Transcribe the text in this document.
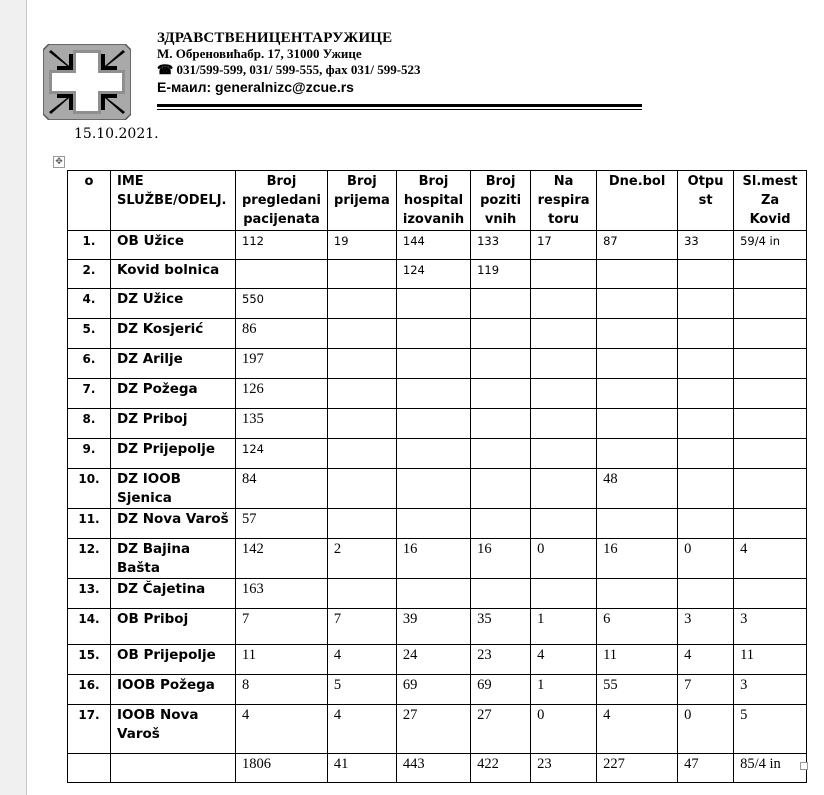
ЗДРАВСТВЕНИЦЕНТАРУЖИЦЕ
М. Обреновићабр. 17, 31000 Ужице
☎ 031/599-599, 031/ 599-555, фах 031/ 599-523
Е-маил: generalnizc@zcue.rs
15.10.2021.
✥
o	IME SLUŽBE/ODELJ.	Broj pregledani pacijenata	Broj prijema	Broj hospital izovanih	Broj poziti vnih	Na respira toru	Dne.bol	Otpu st	Sl.mest Za Kovid
1.	OB Užice	112	19	144	133	17	87	33	59/4 in
2.	Kovid bolnica			124	119				
4.	DZ Užice	550							
5.	DZ Kosjerić	86							
6.	DZ Arilje	197							
7.	DZ Požega	126							
8.	DZ Priboj	135							
9.	DZ Prijepolje	124							
10.	DZ IOOB Sjenica	84					48		
11.	DZ Nova Varoš	57							
12.	DZ Bajina Bašta	142	2	16	16	0	16	0	4
13.	DZ Čajetina	163							
14.	OB Priboj	7	7	39	35	1	6	3	3
15.	OB Prijepolje	11	4	24	23	4	11	4	11
16.	IOOB Požega	8	5	69	69	1	55	7	3
17.	IOOB Nova Varoš	4	4	27	27	0	4	0	5
		1806	41	443	422	23	227	47	85/4 in
